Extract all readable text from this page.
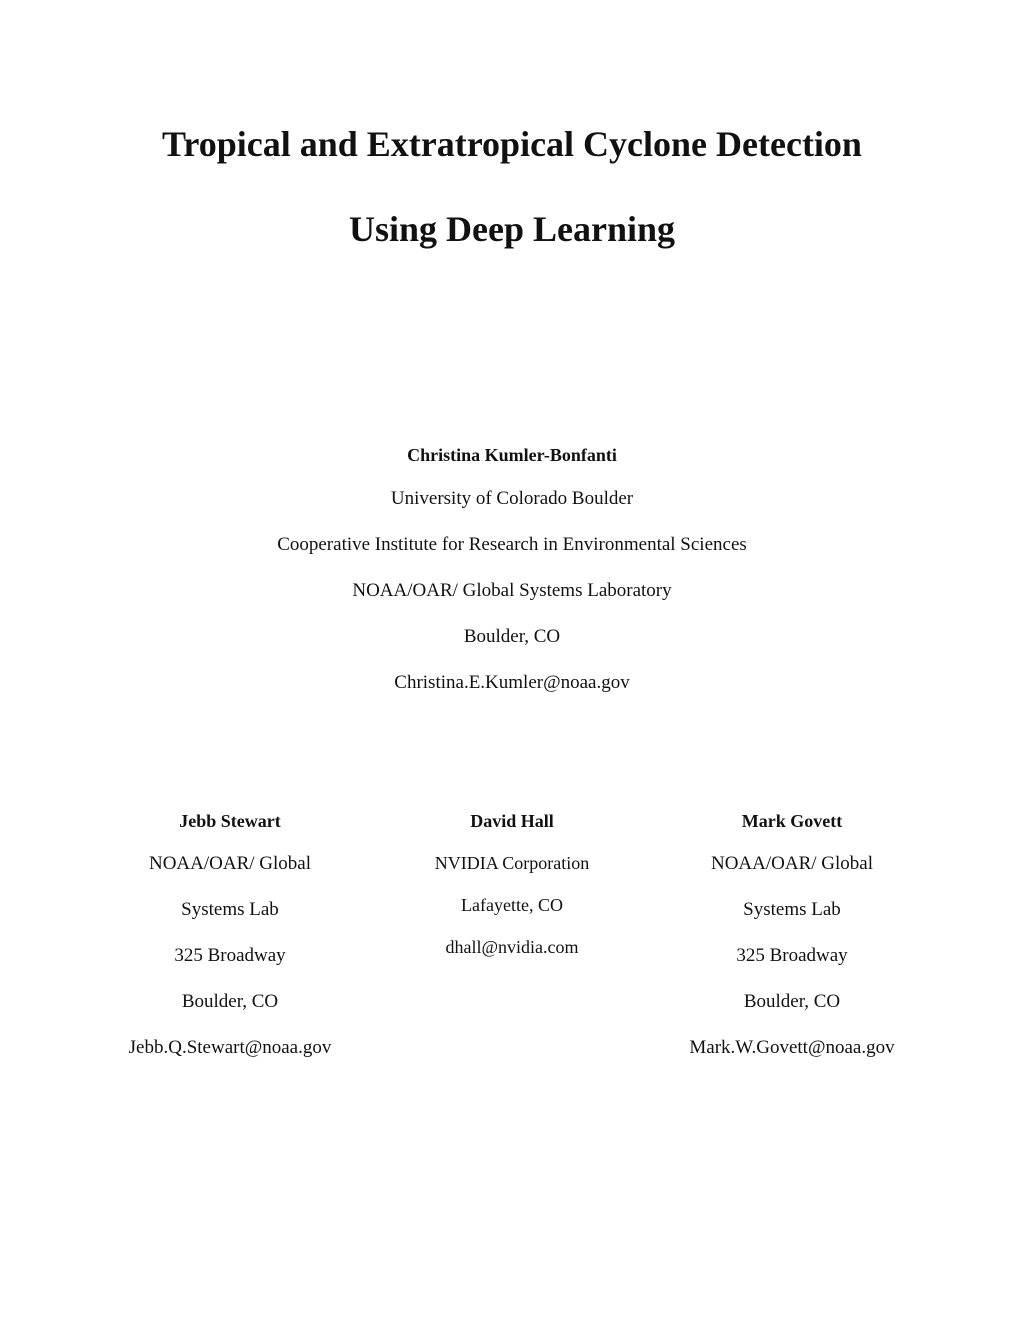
Tropical and Extratropical Cyclone Detection
Using Deep Learning
Christina Kumler-Bonfanti
University of Colorado Boulder
Cooperative Institute for Research in Environmental Sciences
NOAA/OAR/ Global Systems Laboratory
Boulder, CO
Christina.E.Kumler@noaa.gov
Jebb Stewart
NOAA/OAR/ Global
Systems Lab
325 Broadway
Boulder, CO
Jebb.Q.Stewart@noaa.gov
David Hall
NVIDIA Corporation
Lafayette, CO
dhall@nvidia.com
Mark Govett
NOAA/OAR/ Global
Systems Lab
325 Broadway
Boulder, CO
Mark.W.Govett@noaa.gov
